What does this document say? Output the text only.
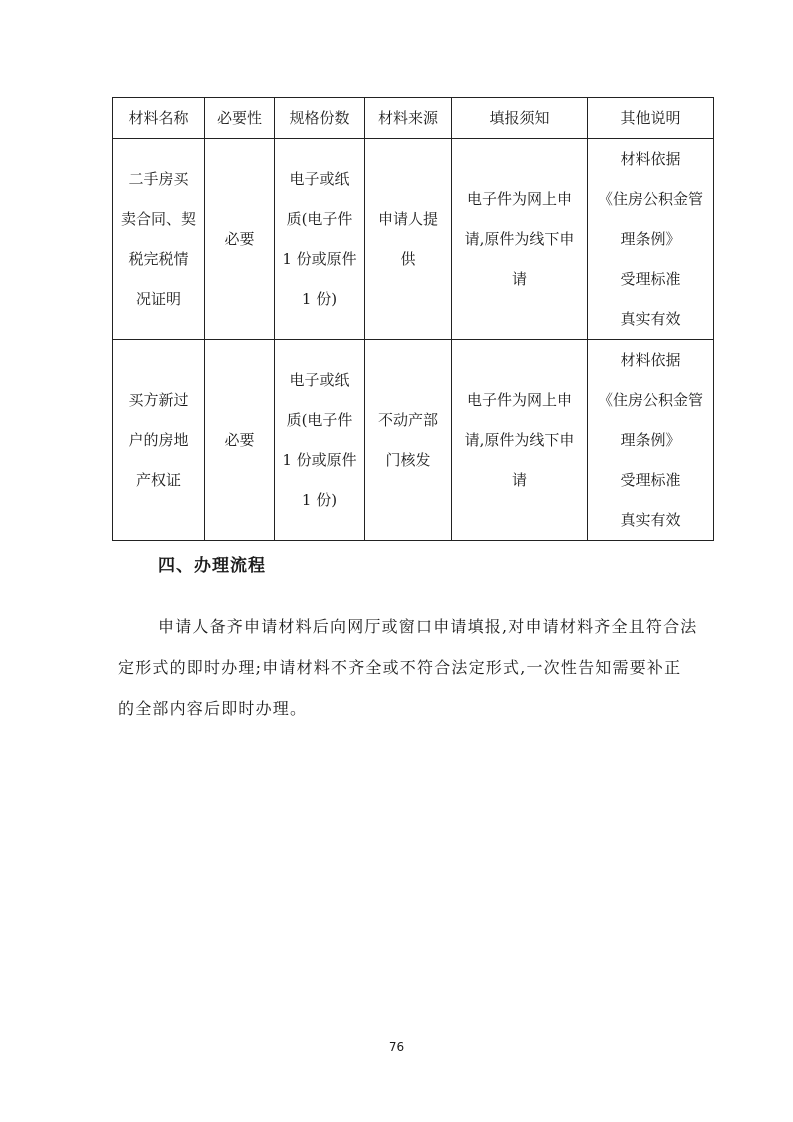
材料名称	必要性	规格份数	材料来源	填报须知	其他说明
二手房买
卖合同、契
税完税情
况证明	必要	电子或纸
质(电子件
1 份或原件
1 份)	申请人提
供	电子件为网上申
请,原件为线下申
请	材料依据
《住房公积金管
理条例》
受理标准
真实有效
买方新过
户的房地
产权证	必要	电子或纸
质(电子件
1 份或原件
1 份)	不动产部
门核发	电子件为网上申
请,原件为线下申
请	材料依据
《住房公积金管
理条例》
受理标准
真实有效
四、办理流程

申请人备齐申请材料后向网厅或窗口申请填报,对申请材料齐全且符合法定形式的即时办理;申请材料不齐全或不符合法定形式,一次性告知需要补正的全部内容后即时办理。

76
